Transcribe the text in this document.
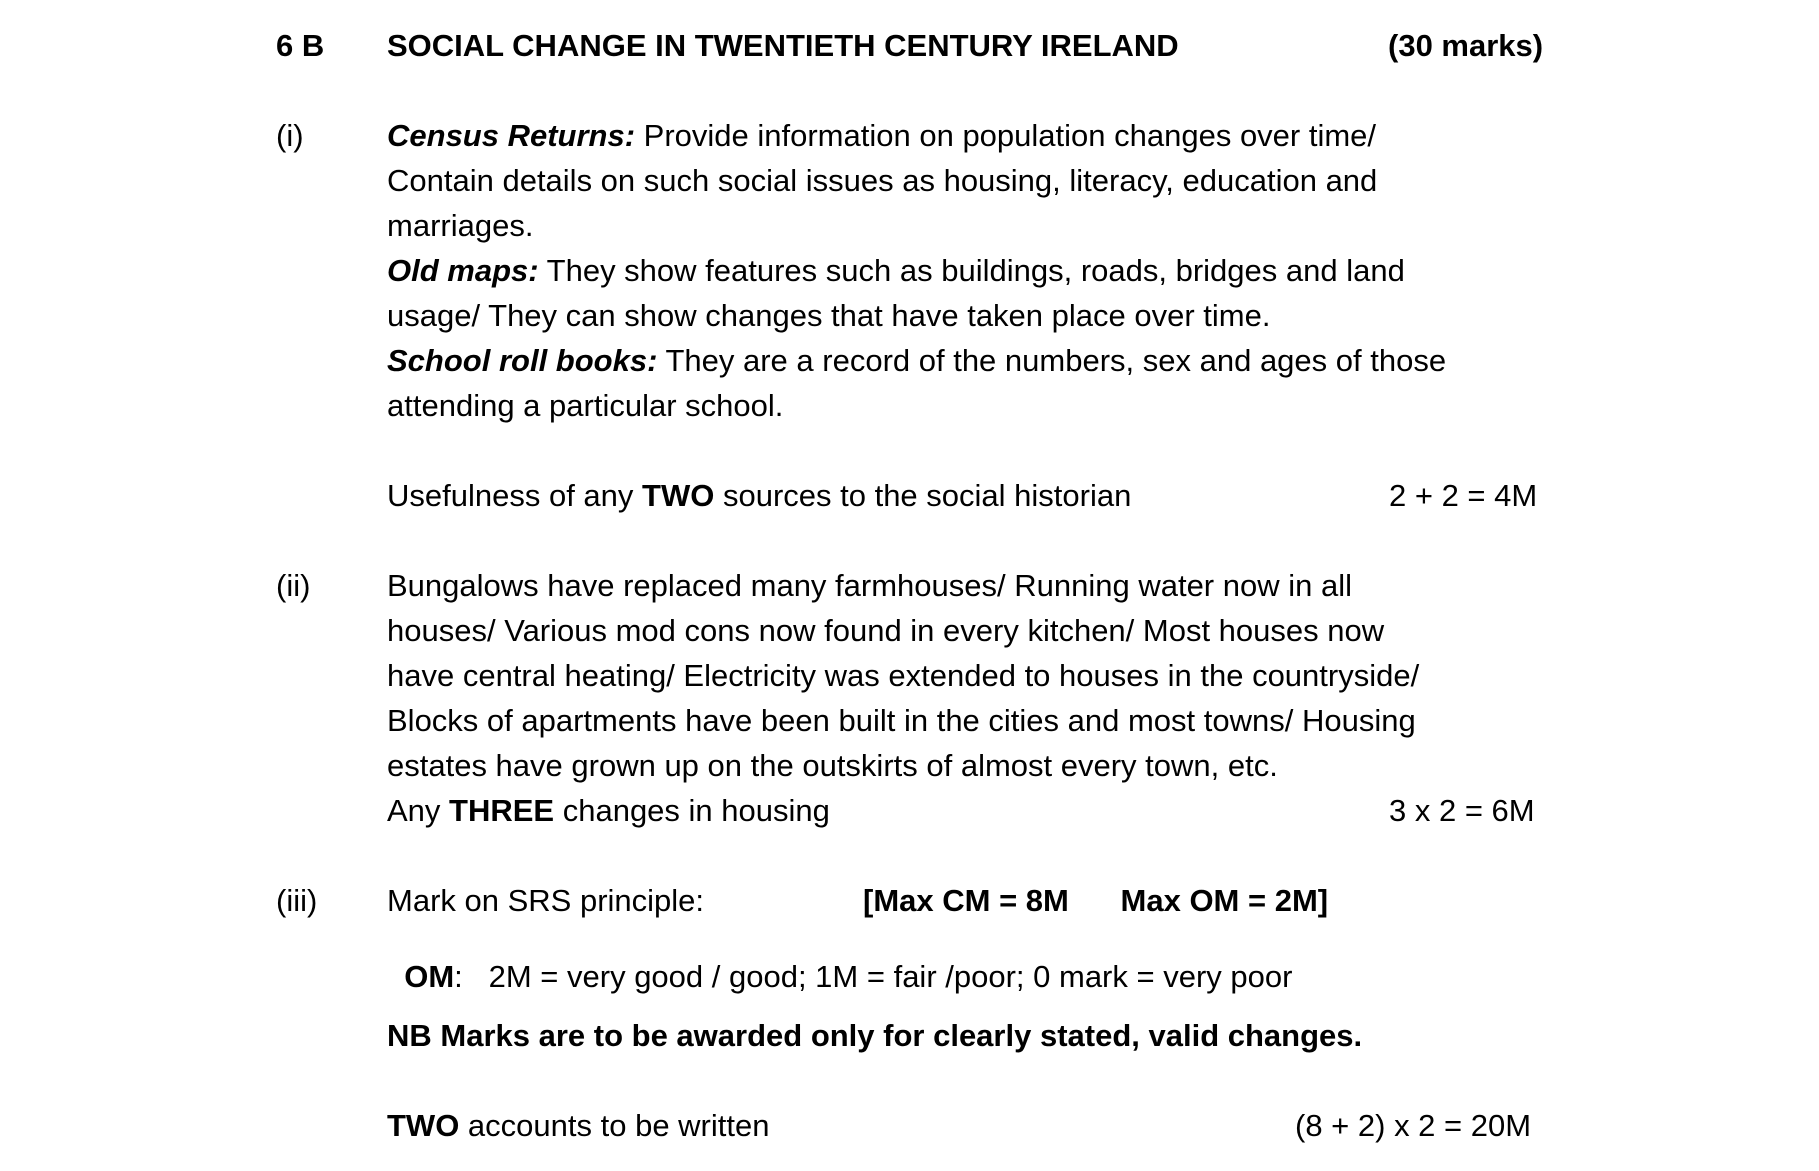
6 B SOCIAL CHANGE IN TWENTIETH CENTURY IRELAND	(30 marks)
(i)	Census Returns: Provide information on population changes over time/
Contain details on such social issues as housing, literacy, education and
marriages.
Old maps: They show features such as buildings, roads, bridges and land
usage/ They can show changes that have taken place over time.
School roll books: They are a record of the numbers, sex and ages of those
attending a particular school.
Usefulness of any TWO sources to the social historian	2 + 2 = 4M
(ii) Bungalows have replaced many farmhouses/ Running water now in all
houses/ Various mod cons now found in every kitchen/ Most houses now
have central heating/ Electricity was extended to houses in the countryside/
Blocks of apartments have been built in the cities and most towns/ Housing
estates have grown up on the outskirts of almost every town, etc.
Any THREE changes in housing	3 x 2 = 6M
(iii) Mark on SRS principle:	[Max CM = 8M      Max OM = 2M]

OM:   2M = very good / good; 1M = fair /poor; 0 mark = very poor

NB Marks are to be awarded only for clearly stated, valid changes.
TWO accounts to be written	(8 + 2) x 2 = 20M
